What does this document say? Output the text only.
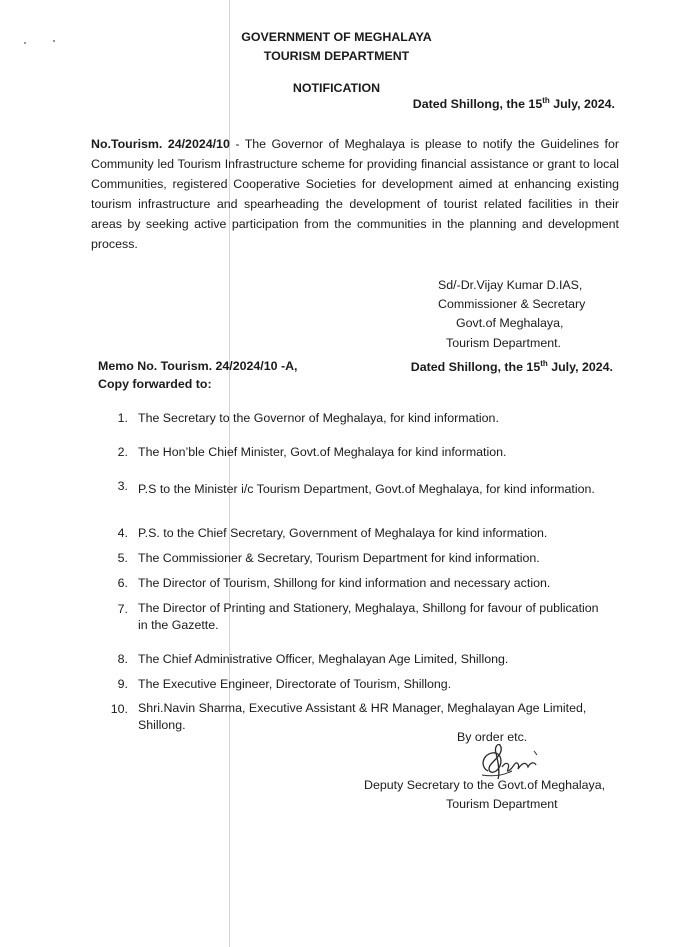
GOVERNMENT OF MEGHALAYA
TOURISM DEPARTMENT
NOTIFICATION
Dated Shillong, the 15th July, 2024.
No.Tourism. 24/2024/10 - The Governor of Meghalaya is please to notify the Guidelines for Community led Tourism Infrastructure scheme for providing financial assistance or grant to local Communities, registered Cooperative Societies for development aimed at enhancing existing tourism infrastructure and spearheading the development of tourist related facilities in their areas by seeking active participation from the communities in the planning and development process.
Sd/-Dr.Vijay Kumar D.IAS,
Commissioner & Secretary
Govt.of Meghalaya,
Tourism Department.
Memo No. Tourism. 24/2024/10 -A,
Copy forwarded to:
Dated Shillong, the 15th July, 2024.
1. The Secretary to the Governor of Meghalaya, for kind information.
2. The Hon’ble Chief Minister, Govt.of Meghalaya for kind information.
3. P.S to the Minister i/c Tourism Department, Govt.of Meghalaya, for kind information.
4. P.S. to the Chief Secretary, Government of Meghalaya for kind information.
5. The Commissioner & Secretary, Tourism Department for kind information.
6. The Director of Tourism, Shillong for kind information and necessary action.
7. The Director of Printing and Stationery, Meghalaya, Shillong for favour of publication in the Gazette.
8. The Chief Administrative Officer, Meghalayan Age Limited, Shillong.
9. The Executive Engineer, Directorate of Tourism, Shillong.
10. Shri.Navin Sharma, Executive Assistant & HR Manager, Meghalayan Age Limited, Shillong.
By order etc.
Deputy Secretary to the Govt.of Meghalaya,
Tourism Department
